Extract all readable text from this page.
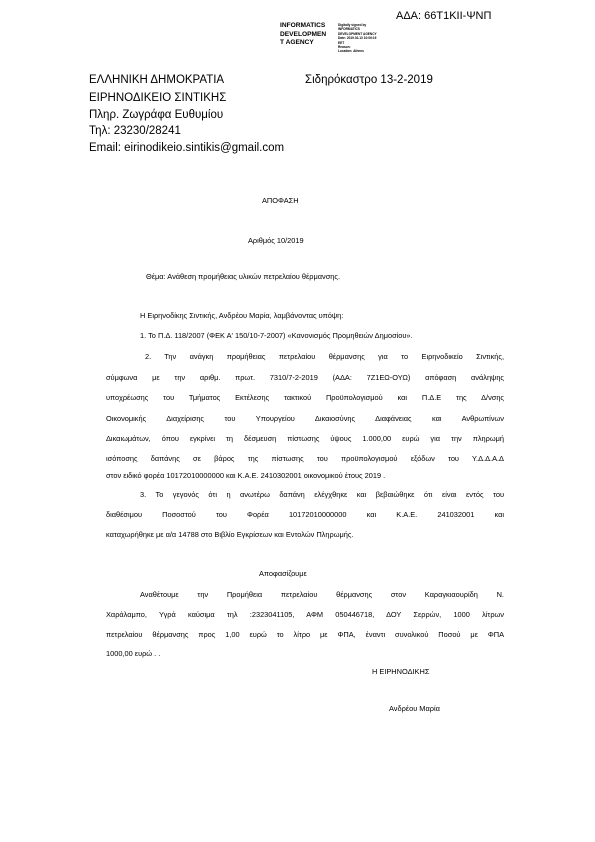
ΑΔΑ: 66Τ1ΚΙΙ-ΨΝΠ
INFORMATICS
DEVELOPMEN
T AGENCY
Digitally signed by
INFORMATICS
DEVELOPMENT AGENCY
Date: 2019.02.13 10:06:19
EET
Reason:
Location: Athens
ΕΛΛΗΝΙΚΗ ΔΗΜΟΚΡΑΤΙΑ	Σιδηρόκαστρο 13-2-2019
ΕΙΡΗΝΟΔΙΚΕΙΟ ΣΙΝΤΙΚΗΣ
Πληρ. Ζωγράφα Ευθυμίου
Τηλ: 23230/28241
Email: eirinodikeio.sintikis@gmail.com
ΑΠΟΦΑΣΗ
Αριθμός 10/2019
Θέμα: Ανάθεση προμήθειας υλικών πετρελαίου θέρμανσης.
Η Ειρηνοδίκης Σιντικής, Ανδρέου Μαρία, λαμβάνοντας υπόψη:
1. Το Π.Δ. 118/2007 (ΦΕΚ Α' 150/10-7-2007) «Κανονισμός Προμηθειών Δημοσίου».
2. Την ανάγκη προμήθειας πετρελαίου θέρμανσης για το Ειρηνοδικείο Σιντικής,
σύμφωνα με την αριθμ. πρωτ. 7310/7-2-2019 (ΑΔΑ: 7Ζ1ΕΩ-ΟΥΩ) απόφαση ανάληψης
υποχρέωσης του Τμήματος Εκτέλεσης τακτικού Προϋπολογισμού και Π.Δ.Ε της Δ/νσης
Οικονομικής Διαχείρισης του Υπουργείου Δικαιοσύνης Διαφάνειας και Ανθρωπίνων
Δικαιωμάτων, όπου εγκρίνει τη δέσμευση πίστωσης ύψους 1.000,00 ευρώ για την πληρωμή
ισόποσης δαπάνης σε βάρος της πίστωσης του προϋπολογισμού εξόδων του Υ.Δ.Δ.Α.Δ
στον ειδικό φορέα 10172010000000 και Κ.Α.Ε. 2410302001 οικονομικού έτους 2019 .
3. Το γεγονός ότι η ανωτέρω δαπάνη ελέγχθηκε και βεβαιώθηκε ότι είναι εντός του
διαθέσιμου Ποσοστού του Φορέα 10172010000000 και Κ.Α.Ε. 241032001 και
καταχωρήθηκε με α/α 14788 στο Βιβλίο Εγκρίσεων και Εντολών Πληρωμής.
Αποφασίζουμε
Αναθέτουμε την Προμήθεια πετρελαίου θέρμανσης στον Καραγκιαουρίδη Ν.
Χαράλαμπο, Υγρά καύσιμα τηλ :2323041105, ΑΦΜ 050446718, ΔΟΥ Σερρών, 1000 λίτρων
πετρελαίου θέρμανσης προς 1,00 ευρώ το λίτρο με ΦΠΑ, έναντι συνολικού Ποσού με ΦΠΑ
1000,00 ευρώ . .
Η ΕΙΡΗΝΟΔΙΚΗΣ
Ανδρέου Μαρία
